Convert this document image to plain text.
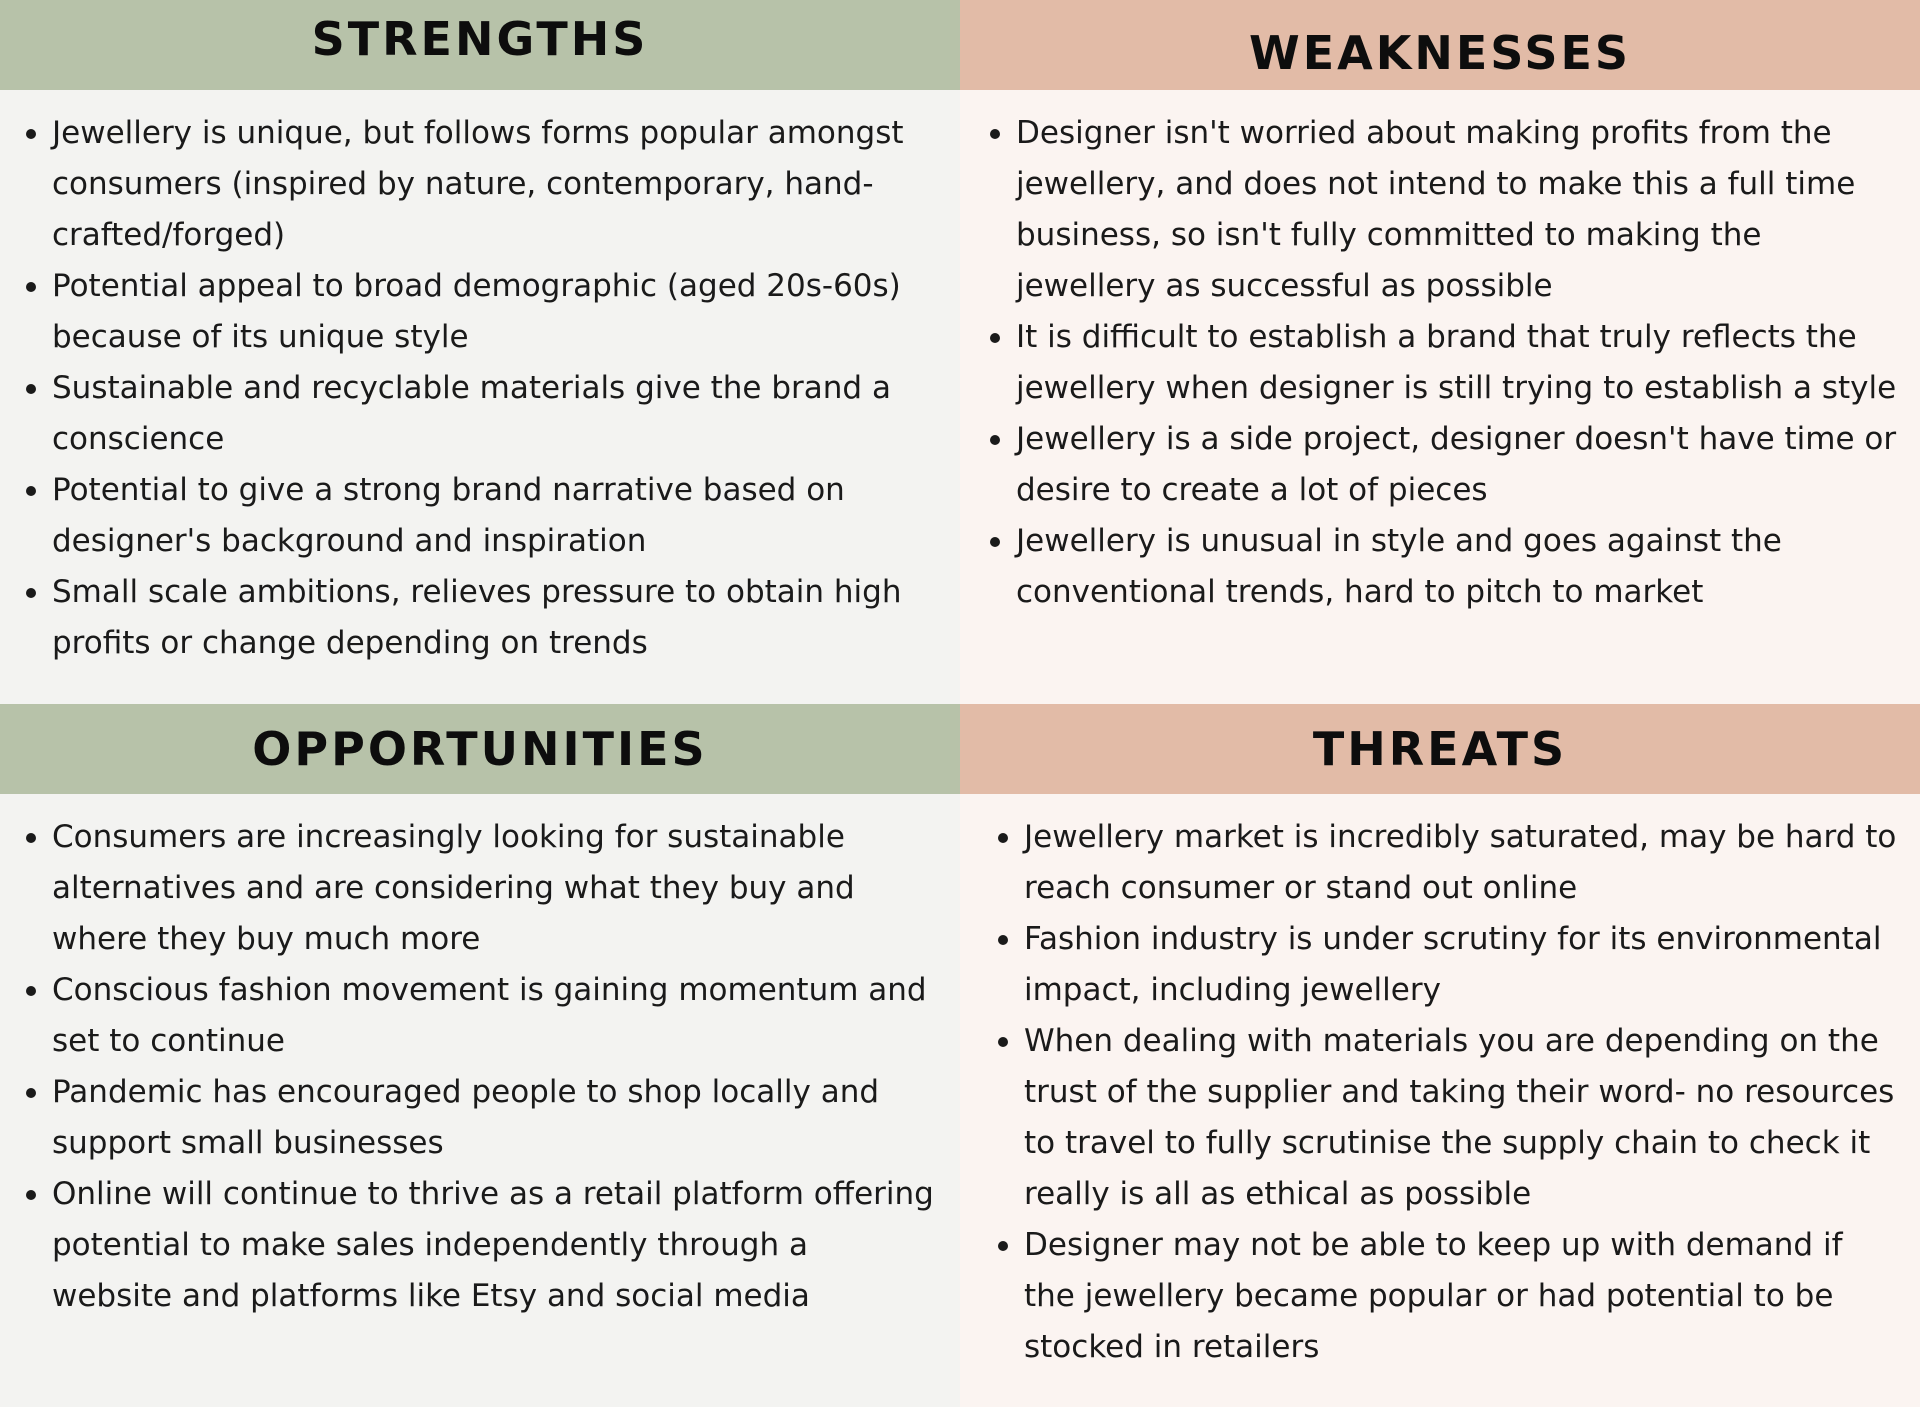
STRENGTHS
Jewellery is unique, but follows forms popular amongst consumers (inspired by nature, contemporary, hand-crafted/forged)
Potential appeal to broad demographic (aged 20s-60s) because of its unique style
Sustainable and recyclable materials give the brand a conscience
Potential to give a strong brand narrative based on designer's background and inspiration
Small scale ambitions, relieves pressure to obtain high profits or change depending on trends
WEAKNESSES
Designer isn't worried about making profits from the jewellery, and does not intend to make this a full time business, so isn't fully committed to making the jewellery as successful as possible
It is difficult to establish a brand that truly reflects the jewellery when designer is still trying to establish a style
Jewellery is a side project, designer doesn't have time or desire to create a lot of pieces
Jewellery is unusual in style and goes against the conventional trends, hard to pitch to market
OPPORTUNITIES
Consumers are increasingly looking for sustainable alternatives and are considering what they buy and where they buy much more
Conscious fashion movement is gaining momentum and set to continue
Pandemic has encouraged people to shop locally and support small businesses
Online will continue to thrive as a retail platform offering potential to make sales independently through a website and platforms like Etsy and social media
THREATS
Jewellery market is incredibly saturated, may be hard to reach consumer or stand out online
Fashion industry is under scrutiny for its environmental impact, including jewellery
When dealing with materials you are depending on the trust of the supplier and taking their word- no resources to travel to fully scrutinise the supply chain to check it really is all as ethical as possible
Designer may not be able to keep up with demand if the jewellery became popular or had potential to be stocked in retailers
